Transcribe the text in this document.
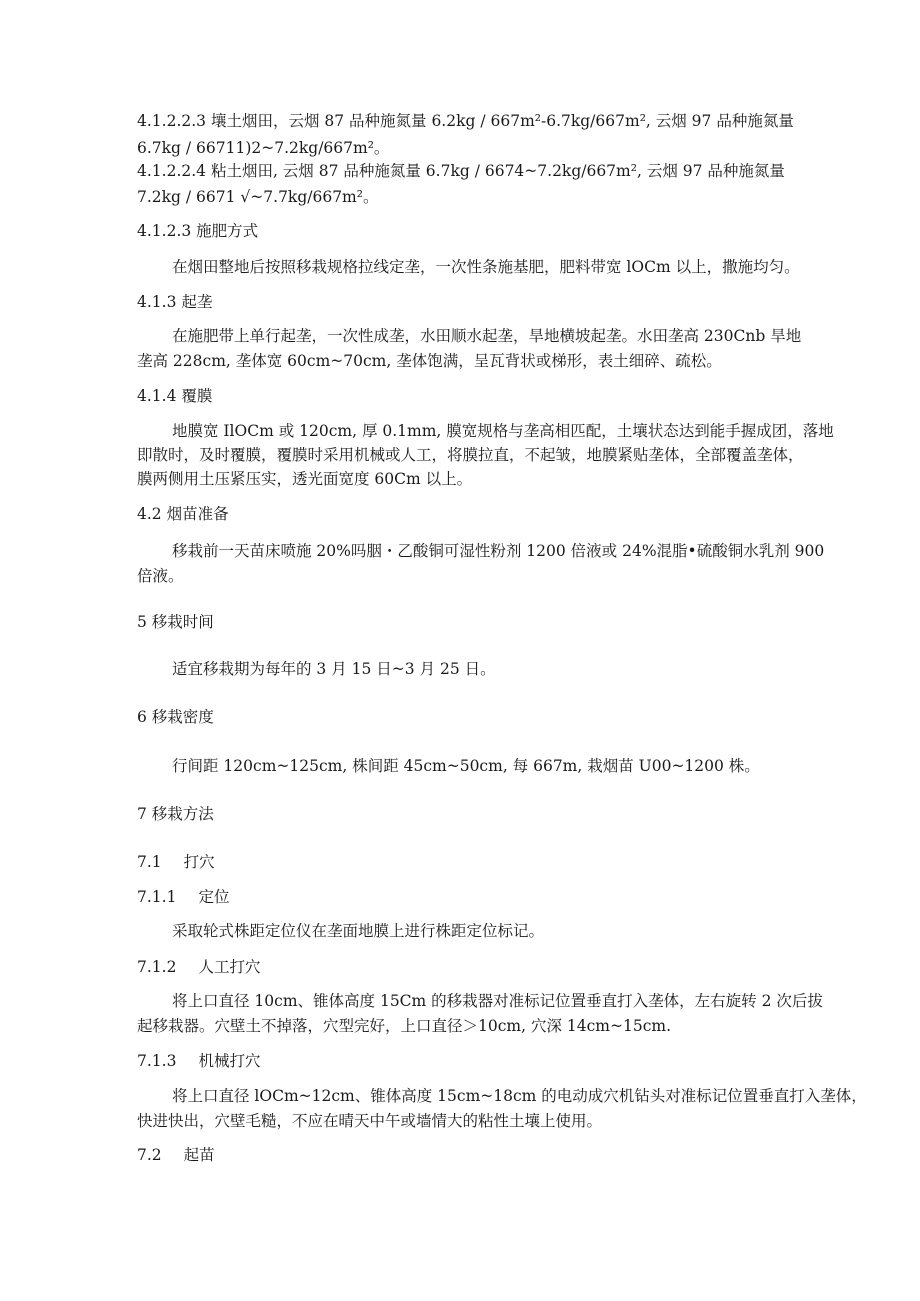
4.1.2.2.3 壤土烟田，云烟 87 品种施氮量 6.2kg / 667m²-6.7kg/667m², 云烟 97 品种施氮量
6.7kg / 66711)2~7.2kg/667m²。
4.1.2.2.4 粘土烟田, 云烟 87 品种施氮量 6.7kg / 6674~7.2kg/667m², 云烟 97 品种施氮量
7.2kg / 6671 √~7.7kg/667m²。
4.1.2.3 施肥方式
在烟田整地后按照移栽规格拉线定垄，一次性条施基肥，肥料带宽 lOCm 以上，撒施均匀。
4.1.3 起垄
在施肥带上单行起垄，一次性成垄，水田顺水起垄，旱地横坡起垄。水田垄高 230Cnb 旱地
垄高 228cm, 垄体宽 60cm~70cm, 垄体饱满，呈瓦背状或梯形，表土细碎、疏松。
4.1.4 覆膜
地膜宽 IlOCm 或 120cm, 厚 0.1mm, 膜宽规格与垄高相匹配，土壤状态达到能手握成团，落地
即散时，及时覆膜，覆膜时采用机械或人工，将膜拉直，不起皱，地膜紧贴垄体，全部覆盖垄体，
膜两侧用土压紧压实，透光面宽度 60Cm 以上。
4.2 烟苗准备
移栽前一天苗床喷施 20%吗胭・乙酸铜可湿性粉剂 1200 倍液或 24%混脂•硫酸铜水乳剂 900
倍液。
5 移栽时间
适宜移栽期为每年的 3 月 15 日~3 月 25 日。
6 移栽密度
行间距 120cm~125cm, 株间距 45cm~50cm, 每 667m, 栽烟苗 U00~1200 株。
7 移栽方法
7.1 打穴
7.1.1 定位
采取轮式株距定位仪在垄面地膜上进行株距定位标记。
7.1.2 人工打穴
将上口直径 10cm、锥体高度 15Cm 的移栽器对准标记位置垂直打入垄体，左右旋转 2 次后拔
起移栽器。穴壁土不掉落，穴型完好，上口直径＞10cm, 穴深 14cm~15cm.
7.1.3 机械打穴
将上口直径 lOCm~12cm、锥体高度 15cm~18cm 的电动成穴机钻头对准标记位置垂直打入垄体，
快进快出，穴壁毛糙，不应在晴天中午或墙情大的粘性土壤上使用。
7.2 起苗
